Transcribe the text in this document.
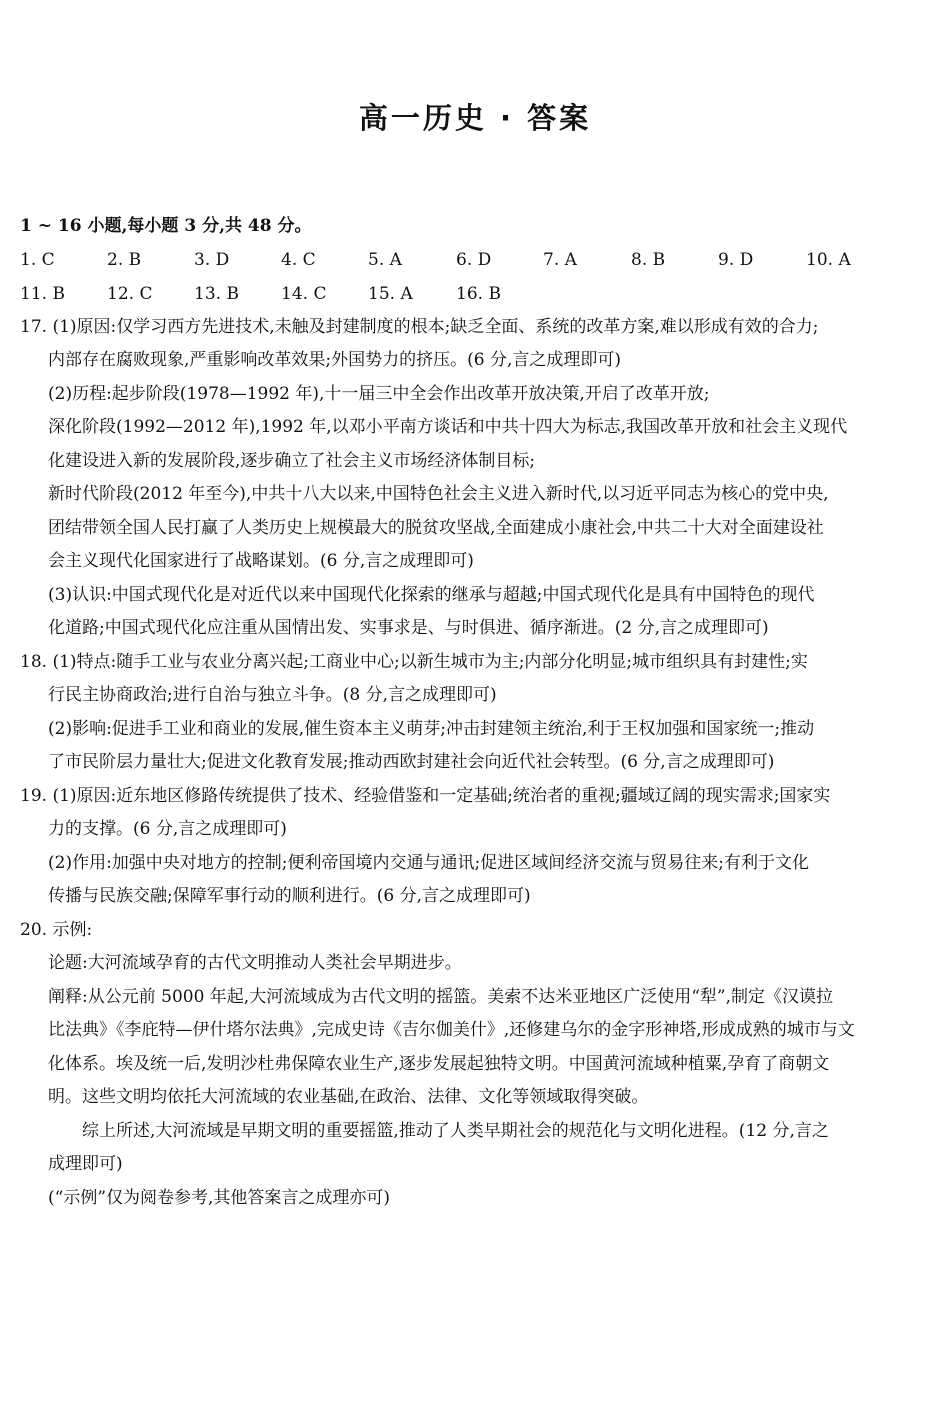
高一历史 · 答案
1 ~ 16 小题,每小题 3 分,共 48 分。
1. C	2. B	3. D	4. C	5. A	6. D	7. A	8. B	9. D	10. A
11. B 12. C 13. B 14. C 15. A	16. B
17. (1)原因:仅学习西方先进技术,未触及封建制度的根本;缺乏全面、系统的改革方案,难以形成有效的合力;
内部存在腐败现象,严重影响改革效果;外国势力的挤压。(6 分,言之成理即可)
(2)历程:起步阶段(1978—1992 年),十一届三中全会作出改革开放决策,开启了改革开放;
深化阶段(1992—2012 年),1992 年,以邓小平南方谈话和中共十四大为标志,我国改革开放和社会主义现代
化建设进入新的发展阶段,逐步确立了社会主义市场经济体制目标;
新时代阶段(2012 年至今),中共十八大以来,中国特色社会主义进入新时代,以习近平同志为核心的党中央,
团结带领全国人民打赢了人类历史上规模最大的脱贫攻坚战,全面建成小康社会,中共二十大对全面建设社
会主义现代化国家进行了战略谋划。(6 分,言之成理即可)
(3)认识:中国式现代化是对近代以来中国现代化探索的继承与超越;中国式现代化是具有中国特色的现代
化道路;中国式现代化应注重从国情出发、实事求是、与时俱进、循序渐进。(2 分,言之成理即可)
18. (1)特点:随手工业与农业分离兴起;工商业中心;以新生城市为主;内部分化明显;城市组织具有封建性;实
行民主协商政治;进行自治与独立斗争。(8 分,言之成理即可)
(2)影响:促进手工业和商业的发展,催生资本主义萌芽;冲击封建领主统治,利于王权加强和国家统一;推动
了市民阶层力量壮大;促进文化教育发展;推动西欧封建社会向近代社会转型。(6 分,言之成理即可)
19. (1)原因:近东地区修路传统提供了技术、经验借鉴和一定基础;统治者的重视;疆域辽阔的现实需求;国家实
力的支撑。(6 分,言之成理即可)
(2)作用:加强中央对地方的控制;便利帝国境内交通与通讯;促进区域间经济交流与贸易往来;有利于文化
传播与民族交融;保障军事行动的顺利进行。(6 分,言之成理即可)
20. 示例:
论题:大河流域孕育的古代文明推动人类社会早期进步。
阐释:从公元前 5000 年起,大河流域成为古代文明的摇篮。美索不达米亚地区广泛使用“犁”,制定《汉谟拉
比法典》《李庇特—伊什塔尔法典》,完成史诗《吉尔伽美什》,还修建乌尔的金字形神塔,形成成熟的城市与文
化体系。埃及统一后,发明沙杜弗保障农业生产,逐步发展起独特文明。中国黄河流域种植粟,孕育了商朝文
明。这些文明均依托大河流域的农业基础,在政治、法律、文化等领域取得突破。
综上所述,大河流域是早期文明的重要摇篮,推动了人类早期社会的规范化与文明化进程。(12 分,言之
成理即可)
(“示例”仅为阅卷参考,其他答案言之成理亦可)
